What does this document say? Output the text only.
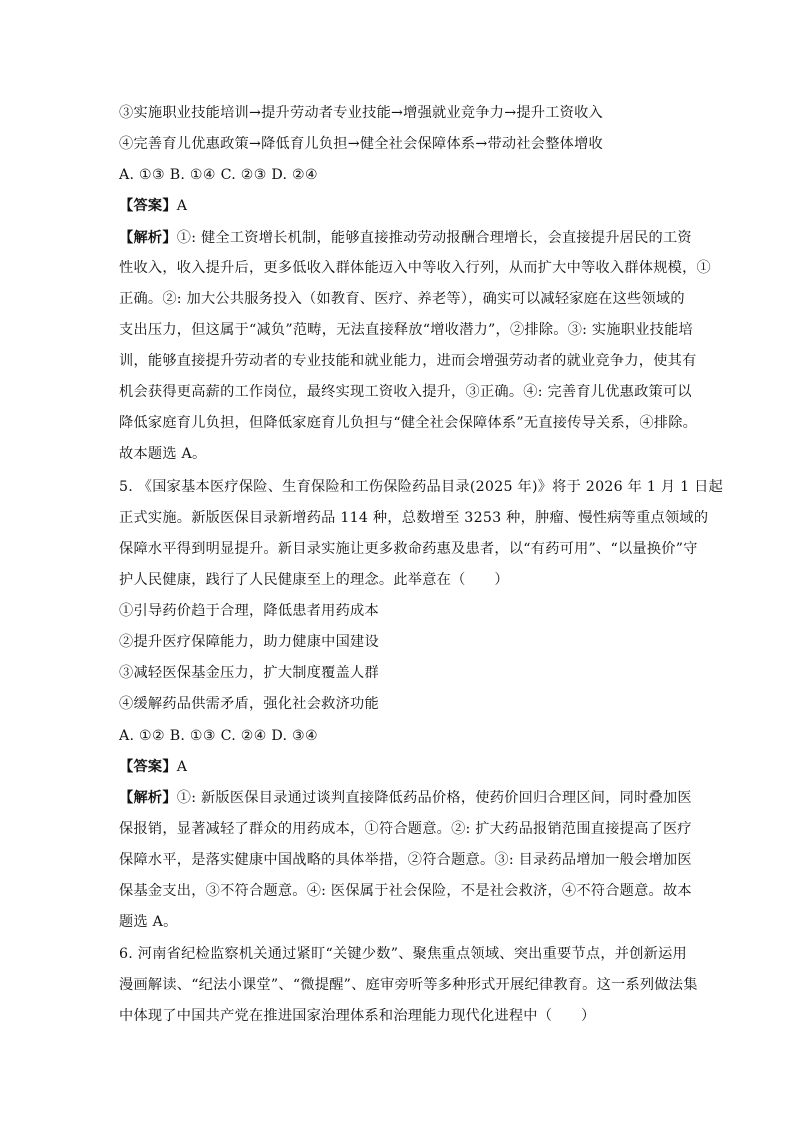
③实施职业技能培训→提升劳动者专业技能→增强就业竞争力→提升工资收入
④完善育儿优惠政策→降低育儿负担→健全社会保障体系→带动社会整体增收
A. ①③ B. ①④ C. ②③ D. ②④
【答案】A
【解析】①: 健全工资增长机制，能够直接推动劳动报酬合理增长，会直接提升居民的工资
性收入，收入提升后，更多低收入群体能迈入中等收入行列，从而扩大中等收入群体规模，①
正确。②: 加大公共服务投入（如教育、医疗、养老等），确实可以减轻家庭在这些领域的
支出压力，但这属于“减负”范畴，无法直接释放“增收潜力”，②排除。③: 实施职业技能培
训，能够直接提升劳动者的专业技能和就业能力，进而会增强劳动者的就业竞争力，使其有
机会获得更高薪的工作岗位，最终实现工资收入提升，③正确。④: 完善育儿优惠政策可以
降低家庭育儿负担，但降低家庭育儿负担与“健全社会保障体系”无直接传导关系，④排除。
故本题选 A。
5. 《国家基本医疗保险、生育保险和工伤保险药品目录(2025 年)》将于 2026 年 1 月 1 日起
正式实施。新版医保目录新增药品 114 种，总数增至 3253 种，肿瘤、慢性病等重点领域的
保障水平得到明显提升。新目录实施让更多救命药惠及患者，以“有药可用”、“以量换价”守
护人民健康，践行了人民健康至上的理念。此举意在（　　）
①引导药价趋于合理，降低患者用药成本
②提升医疗保障能力，助力健康中国建设
③减轻医保基金压力，扩大制度覆盖人群
④缓解药品供需矛盾，强化社会救济功能
A. ①② B. ①③ C. ②④ D. ③④
【答案】A
【解析】①: 新版医保目录通过谈判直接降低药品价格，使药价回归合理区间，同时叠加医
保报销，显著减轻了群众的用药成本，①符合题意。②: 扩大药品报销范围直接提高了医疗
保障水平，是落实健康中国战略的具体举措，②符合题意。③: 目录药品增加一般会增加医
保基金支出，③不符合题意。④: 医保属于社会保险，不是社会救济，④不符合题意。故本
题选 A。
6. 河南省纪检监察机关通过紧盯“关键少数”、聚焦重点领域、突出重要节点，并创新运用
漫画解读、“纪法小课堂”、“微提醒”、庭审旁听等多种形式开展纪律教育。这一系列做法集
中体现了中国共产党在推进国家治理体系和治理能力现代化进程中（　　）
